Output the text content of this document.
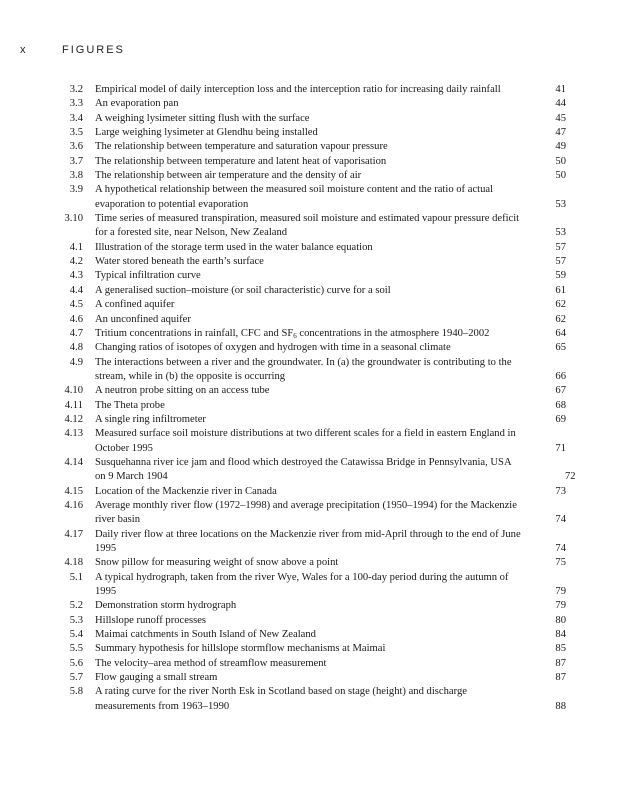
x	FIGURES
3.2 Empirical model of daily interception loss and the interception ratio for increasing daily rainfall	41
3.3 An evaporation pan	44
3.4 A weighing lysimeter sitting flush with the surface	45
3.5 Large weighing lysimeter at Glendhu being installed	47
3.6 The relationship between temperature and saturation vapour pressure	49
3.7 The relationship between temperature and latent heat of vaporisation	50
3.8 The relationship between air temperature and the density of air	50
3.9 A hypothetical relationship between the measured soil moisture content and the ratio of actual evaporation to potential evaporation	53
3.10 Time series of measured transpiration, measured soil moisture and estimated vapour pressure deficit for a forested site, near Nelson, New Zealand	53
4.1 Illustration of the storage term used in the water balance equation	57
4.2 Water stored beneath the earth’s surface	57
4.3 Typical infiltration curve	59
4.4 A generalised suction–moisture (or soil characteristic) curve for a soil	61
4.5 A confined aquifer	62
4.6 An unconfined aquifer	62
4.7 Tritium concentrations in rainfall, CFC and $SF_6$ concentrations in the atmosphere 1940–2002	64
4.8 Changing ratios of isotopes of oxygen and hydrogen with time in a seasonal climate	65
4.9 The interactions between a river and the groundwater. In (a) the groundwater is contributing to the stream, while in (b) the opposite is occurring	66
4.10 A neutron probe sitting on an access tube	67
4.11 The Theta probe	68
4.12 A single ring infiltrometer	69
4.13 Measured surface soil moisture distributions at two different scales for a field in eastern England in October 1995	71
4.14 Susquehanna river ice jam and flood which destroyed the Catawissa Bridge in Pennsylvania, USA on 9 March 1904	72
4.15 Location of the Mackenzie river in Canada	73
4.16 Average monthly river flow (1972–1998) and average precipitation (1950–1994) for the Mackenzie river basin	74
4.17 Daily river flow at three locations on the Mackenzie river from mid-April through to the end of June 1995	74
4.18 Snow pillow for measuring weight of snow above a point	75
5.1 A typical hydrograph, taken from the river Wye, Wales for a 100-day period during the autumn of 1995	79
5.2 Demonstration storm hydrograph	79
5.3 Hillslope runoff processes	80
5.4 Maimai catchments in South Island of New Zealand	84
5.5 Summary hypothesis for hillslope stormflow mechanisms at Maimai	85
5.6 The velocity–area method of streamflow measurement	87
5.7 Flow gauging a small stream	87
5.8 A rating curve for the river North Esk in Scotland based on stage (height) and discharge measurements from 1963–1990	88
